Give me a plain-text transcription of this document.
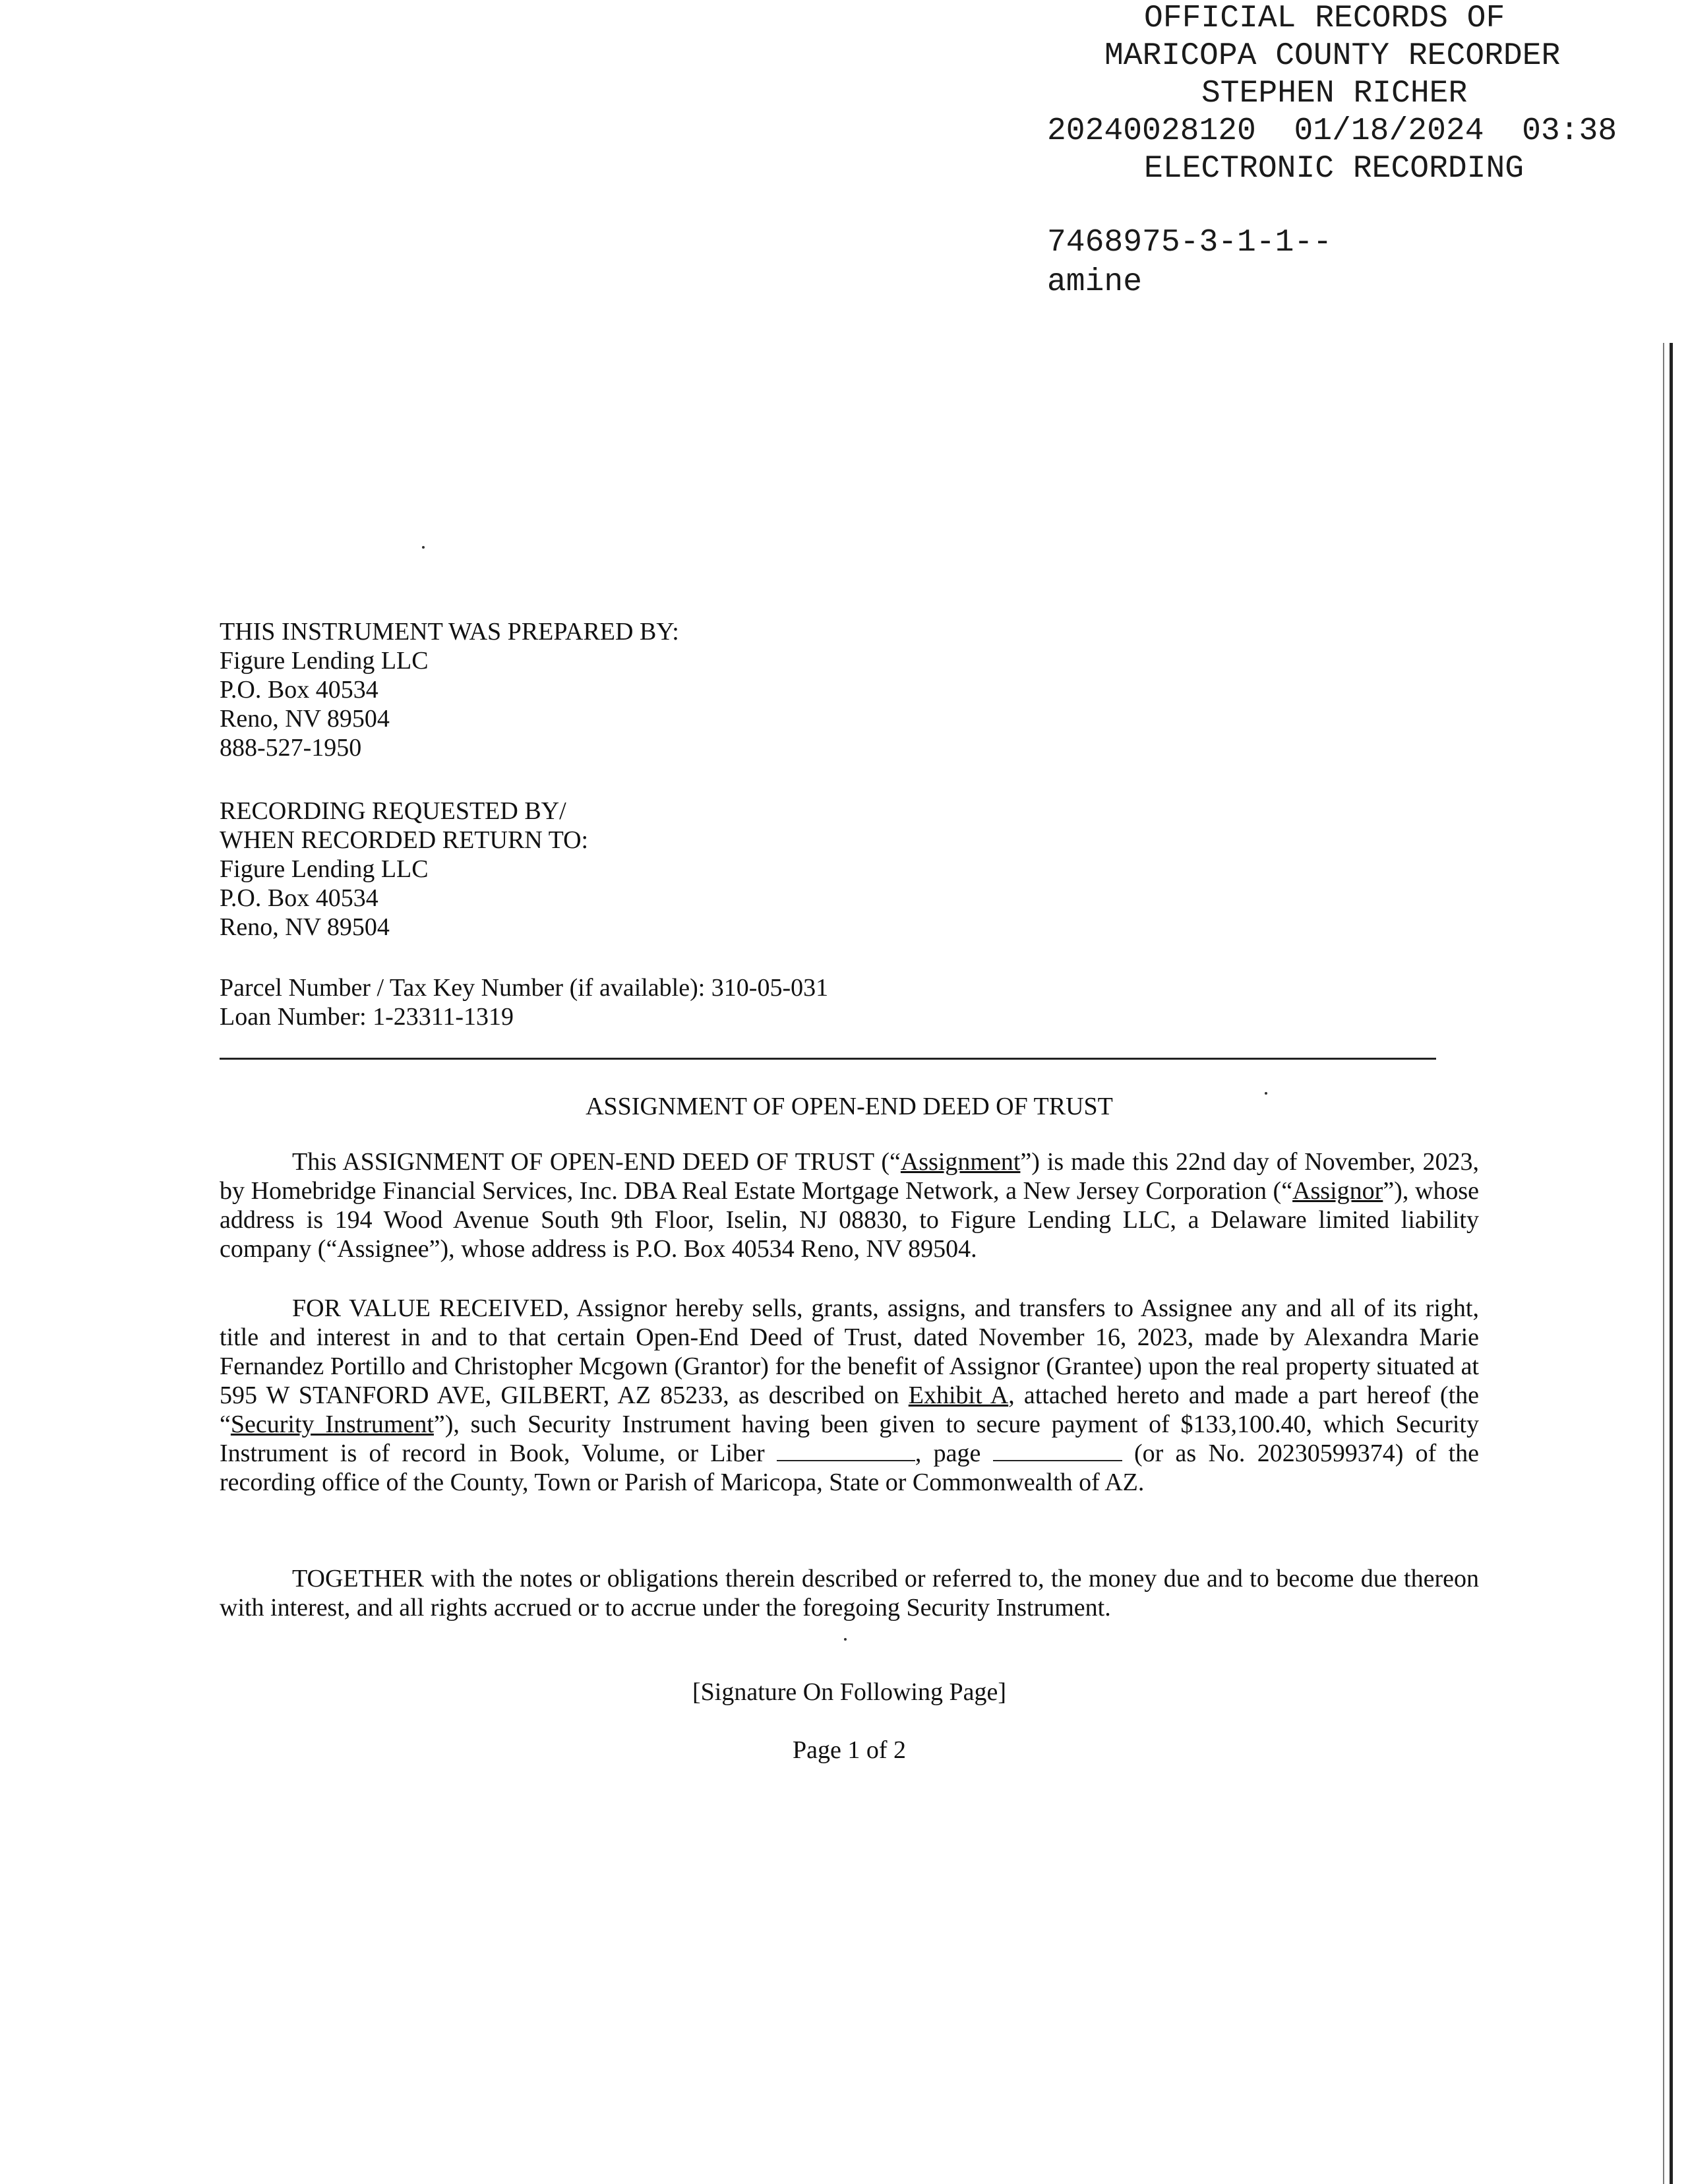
OFFICIAL RECORDS OF
MARICOPA COUNTY RECORDER
STEPHEN RICHER
20240028120  01/18/2024  03:38
ELECTRONIC RECORDING
7468975-3-1-1--
amine
THIS INSTRUMENT WAS PREPARED BY:
Figure Lending LLC
P.O. Box 40534
Reno, NV 89504
888-527-1950
RECORDING REQUESTED BY/
WHEN RECORDED RETURN TO:
Figure Lending LLC
P.O. Box 40534
Reno, NV 89504
Parcel Number / Tax Key Number (if available): 310-05-031
Loan Number: 1-23311-1319
ASSIGNMENT OF OPEN-END DEED OF TRUST
This ASSIGNMENT OF OPEN-END DEED OF TRUST (“Assignment”) is made this 22nd day of November, 2023, by Homebridge Financial Services, Inc. DBA Real Estate Mortgage Network, a New Jersey Corporation (“Assignor”), whose address is 194 Wood Avenue South 9th Floor, Iselin, NJ 08830, to Figure Lending LLC, a Delaware limited liability company (“Assignee”), whose address is P.O. Box 40534 Reno, NV 89504.
FOR VALUE RECEIVED, Assignor hereby sells, grants, assigns, and transfers to Assignee any and all of its right, title and interest in and to that certain Open-End Deed of Trust, dated November 16, 2023, made by Alexandra Marie Fernandez Portillo and Christopher Mcgown (Grantor) for the benefit of Assignor (Grantee) upon the real property situated at 595 W STANFORD AVE, GILBERT, AZ 85233, as described on Exhibit A, attached hereto and made a part hereof (the “Security Instrument”), such Security Instrument having been given to secure payment of $133,100.40, which Security Instrument is of record in Book, Volume, or Liber	, page	(or as No. 20230599374) of the recording office of the County, Town or Parish of Maricopa, State or Commonwealth of AZ.
TOGETHER with the notes or obligations therein described or referred to, the money due and to become due thereon with interest, and all rights accrued or to accrue under the foregoing Security Instrument.
[Signature On Following Page]
Page 1 of 2
